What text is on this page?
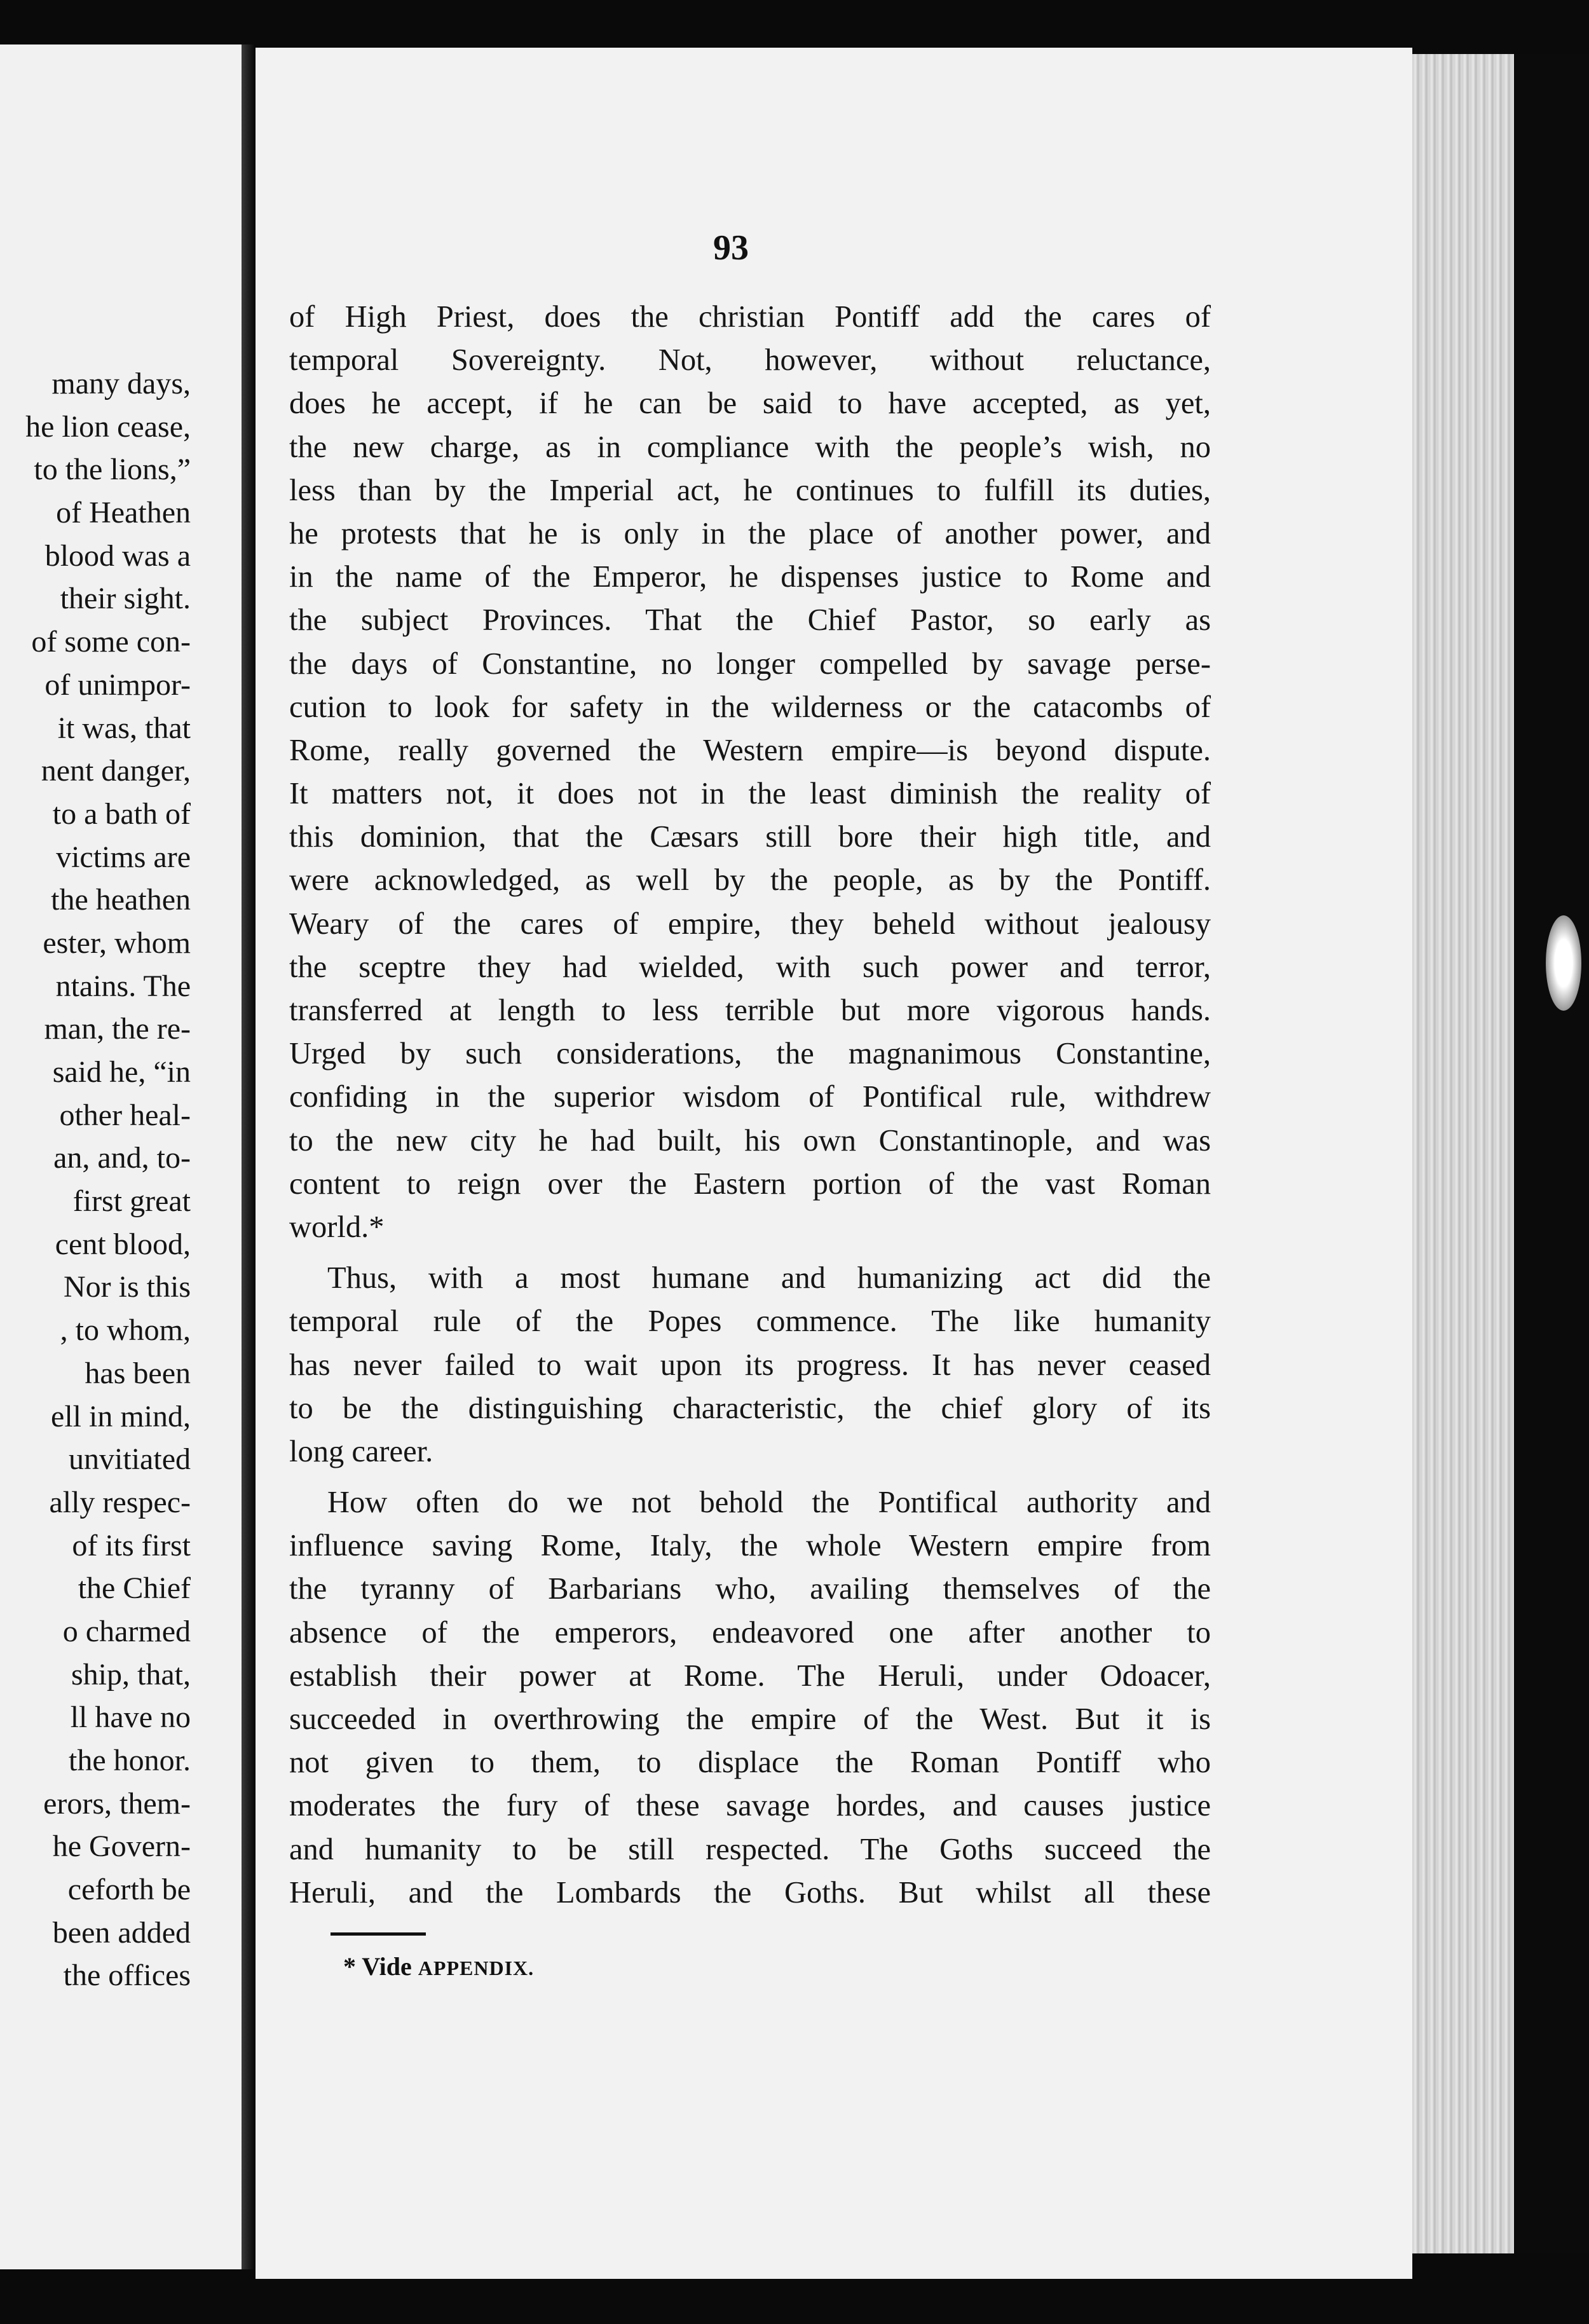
many days,
he lion cease,
to the lions,”
of Heathen
blood was a
their sight.
of some con-
of unimpor-
it was, that
nent danger,
to a bath of
victims are
the heathen
ester, whom
ntains. The
man, the re-
said he, “in
other heal-
an, and, to-
first great
cent blood,
Nor is this
, to whom,
has been
ell in mind,
unvitiated
ally respec-
of its first
the Chief
o charmed
ship, that,
ll have no
the honor.
erors, them-
he Govern-
ceforth be
been added
the offices
93
of High Priest, does the christian Pontiff add the cares of
temporal Sovereignty. Not, however, without reluctance,
does he accept, if he can be said to have accepted, as yet,
the new charge, as in compliance with the people’s wish, no
less than by the Imperial act, he continues to fulfill its duties,
he protests that he is only in the place of another power, and
in the name of the Emperor, he dispenses justice to Rome and
the subject Provinces. That the Chief Pastor, so early as
the days of Constantine, no longer compelled by savage perse-
cution to look for safety in the wilderness or the catacombs of
Rome, really governed the Western empire—is beyond dispute.
It matters not, it does not in the least diminish the reality of
this dominion, that the Cæsars still bore their high title, and
were acknowledged, as well by the people, as by the Pontiff.
Weary of the cares of empire, they beheld without jealousy
the sceptre they had wielded, with such power and terror,
transferred at length to less terrible but more vigorous hands.
Urged by such considerations, the magnanimous Constantine,
confiding in the superior wisdom of Pontifical rule, withdrew
to the new city he had built, his own Constantinople, and was
content to reign over the Eastern portion of the vast Roman
world.*
Thus, with a most humane and humanizing act did the
temporal rule of the Popes commence. The like humanity
has never failed to wait upon its progress. It has never ceased
to be the distinguishing characteristic, the chief glory of its
long career.
How often do we not behold the Pontifical authority and
influence saving Rome, Italy, the whole Western empire from
the tyranny of Barbarians who, availing themselves of the
absence of the emperors, endeavored one after another to
establish their power at Rome. The Heruli, under Odoacer,
succeeded in overthrowing the empire of the West. But it is
not given to them, to displace the Roman Pontiff who
moderates the fury of these savage hordes, and causes justice
and humanity to be still respected. The Goths succeed the
Heruli, and the Lombards the Goths. But whilst all these
* Vide APPENDIX.
